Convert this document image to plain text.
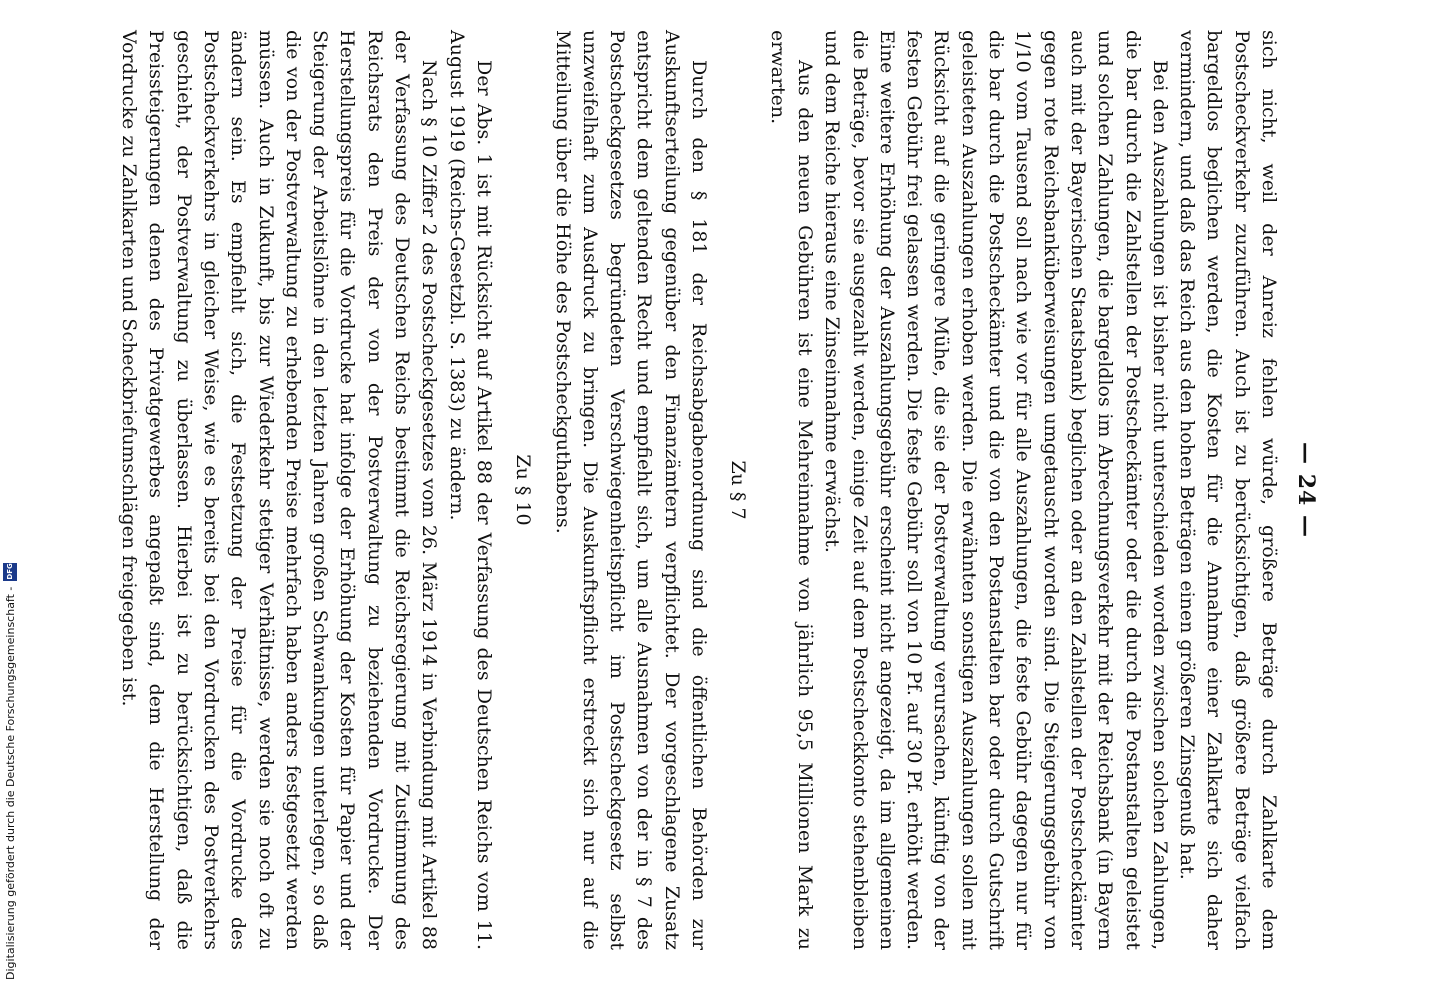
— 24 —

sich nicht, weil der Anreiz fehlen würde, größere Beträge durch Zahlkarte dem Postscheckverkehr zuzuführen. Auch ist zu berücksichtigen, daß größere Beträge vielfach bargeldlos beglichen werden, die Kosten für die Annahme einer Zahlkarte sich daher vermindern, und daß das Reich aus den hohen Beträgen einen größeren Zinsgenuß hat.

Bei den Auszahlungen ist bisher nicht unterschieden worden zwischen solchen Zahlungen, die bar durch die Zahlstellen der Postscheckämter oder die durch die Postanstalten geleistet und solchen Zahlungen, die bargeldlos im Abrechnungsverkehr mit der Reichsbank (in Bayern auch mit der Bayerischen Staatsbank) beglichen oder an den Zahlstellen der Postscheckämter gegen rote Reichsbanküberweisungen umgetauscht worden sind. Die Steigerungsgebühr von 1/10 vom Tausend soll nach wie vor für alle Auszahlungen, die feste Gebühr dagegen nur für die bar durch die Postscheckämter und die von den Postanstalten bar oder durch Gutschrift geleisteten Auszahlungen erhoben werden. Die erwähnten sonstigen Auszahlungen sollen mit Rücksicht auf die geringere Mühe, die sie der Postverwaltung verursachen, künftig von der festen Gebühr frei gelassen werden. Die feste Gebühr soll von 10 Pf. auf 30 Pf. erhöht werden. Eine weitere Erhöhung der Auszahlungsgebühr erscheint nicht angezeigt, da im allgemeinen die Beträge, bevor sie ausgezahlt werden, einige Zeit auf dem Postscheckkonto stehenbleiben und dem Reiche hieraus eine Zinseinnahme erwächst.

Aus den neuen Gebühren ist eine Mehreinnahme von jährlich 95,5 Millionen Mark zu erwarten.

Zu § 7

Durch den § 181 der Reichsabgabenordnung sind die öffentlichen Behörden zur Auskunftserteilung gegenüber den Finanzämtern verpflichtet. Der vorgeschlagene Zusatz entspricht dem geltenden Recht und empfiehlt sich, um alle Ausnahmen von der in § 7 des Postscheckgesetzes begründeten Verschwiegenheitspflicht im Postscheckgesetz selbst unzweifelhaft zum Ausdruck zu bringen. Die Auskunftspflicht erstreckt sich nur auf die Mitteilung über die Höhe des Postscheckguthabens.

Zu § 10

Der Abs. 1 ist mit Rücksicht auf Artikel 88 der Verfassung des Deutschen Reichs vom 11. August 1919 (Reichs-Gesetzbl. S. 1383) zu ändern.

Nach § 10 Ziffer 2 des Postscheckgesetzes vom 26. März 1914 in Verbindung mit Artikel 88 der Verfassung des Deutschen Reichs bestimmt die Reichsregierung mit Zustimmung des Reichsrats den Preis der von der Postverwaltung zu beziehenden Vordrucke. Der Herstellungspreis für die Vordrucke hat infolge der Erhöhung der Kosten für Papier und der Steigerung der Arbeitslöhne in den letzten Jahren großen Schwankungen unterlegen, so daß die von der Postverwaltung zu erhebenden Preise mehrfach haben anders festgesetzt werden müssen. Auch in Zukunft, bis zur Wiederkehr stetiger Verhältnisse, werden sie noch oft zu ändern sein. Es empfiehlt sich, die Festsetzung der Preise für die Vordrucke des Postscheckverkehrs in gleicher Weise, wie es bereits bei den Vordrucken des Postverkehrs geschieht, der Postverwaltung zu überlassen. Hierbei ist zu berücksichtigen, daß die Preissteigerungen denen des Privatgewerbes angepaßt sind, dem die Herstellung der Vordrucke zu Zahlkarten und Scheckbriefumschlägen freigegeben ist.

Digitalisierung gefördert durch die Deutsche Forschungsgemeinschaft -
DFG
